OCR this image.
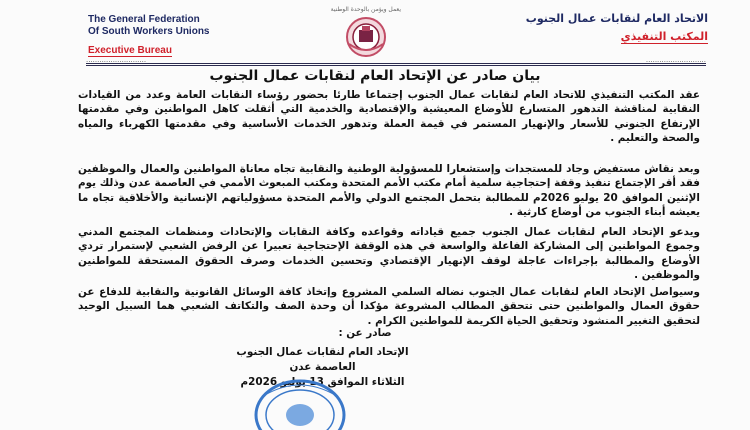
الاتحاد العام لنقابات عمال الجنوب
المكتب التنفيذي
يعمل ويؤمن بالوحدة الوطنية
The General Federation
Of South Workers Unions
Executive Bureau
...........................	...........................
بيان صادر عن الإتحاد العام لنقابات عمال الجنوب
عقد المكتب التنفيذي للاتحاد العام لنقابات عمال الجنوب إجتماعا طارئا بحضور رؤساء النقابات العامة وعدد من القيادات النقابية لمناقشة التدهور المتسارع للأوضاع المعيشية والإقتصادية والخدمية التي أثقلت كاهل المواطنين وفي مقدمتها الإرتفاع الجنوني للأسعار والإنهيار المستمر في قيمة العملة وتدهور الخدمات الأساسية وفي مقدمتها الكهرباء والمياه والصحة والتعليم .
وبعد نقاش مستفيض وجاد للمستجدات وإستشعارا للمسؤولية الوطنية والنقابية تجاه معاناة المواطنين والعمال والموظفين فقد أقر الإجتماع تنفيذ وقفة إحتجاجية سلمية أمام مكتب الأمم المتحدة ومكتب المبعوث الأممي في العاصمة عدن وذلك يوم الإثنين الموافق 20 يوليو 2026م للمطالبة بتحمل المجتمع الدولي والأمم المتحدة مسؤولياتهم الإنسانية والأخلاقية تجاه ما يعيشه أبناء الجنوب من أوضاع كارثية .
ويدعو الإتحاد العام لنقابات عمال الجنوب جميع قياداته وقواعده وكافة النقابات والإتحادات ومنظمات المجتمع المدني وجموع المواطنين إلى المشاركة الفاعلة والواسعة في هذه الوقفة الإحتجاجية تعبيرا عن الرفض الشعبي لإستمرار تردي الأوضاع والمطالبة بإجراءات عاجلة لوقف الإنهيار الإقتصادي وتحسين الخدمات وصرف الحقوق المستحقة للمواطنين والموظفين .
وسيواصل الإتحاد العام لنقابات عمال الجنوب نضاله السلمي المشروع وإتخاذ كافة الوسائل القانونية والنقابية للدفاع عن حقوق العمال والمواطنين حتى تتحقق المطالب المشروعة مؤكدا أن وحدة الصف والتكاتف الشعبي هما السبيل الوحيد لتحقيق التغيير المنشود وتحقيق الحياة الكريمة للمواطنين الكرام .
صادر عن :
الإتحاد العام لنقابات عمال الجنوب
العاصمة عدن
الثلاثاء الموافق 13 يوليو 2026م
